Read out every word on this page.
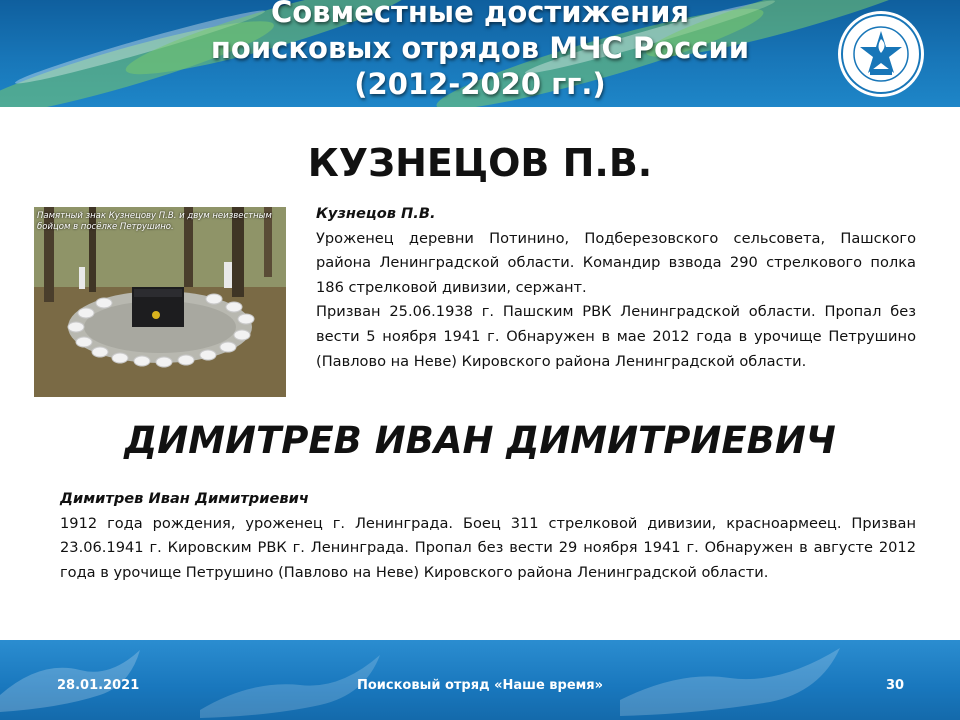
Совместные достижения
поисковых отрядов МЧС России
(2012-2020 гг.)
КУЗНЕЦОВ П.В.
Памятный знак Кузнецову П.В. и двум неизвестным бойцом в посёлке Петрушино.

Кузнецов П.В.

Уроженец деревни Потинино, Подберезовского сельсовета, Пашского района Ленинградской области. Командир взвода 290 стрелкового полка 186 стрелковой дивизии, сержант.

Призван 25.06.1938 г. Пашским РВК Ленинградской области. Пропал без вести 5 ноября 1941 г. Обнаружен в мае 2012 года в урочище Петрушино (Павлово на Неве) Кировского района Ленинградской области.

ДИМИТРЕВ ИВАН ДИМИТРИЕВИЧ

Димитрев Иван Димитриевич

1912 года рождения, уроженец г. Ленинграда. Боец 311 стрелковой дивизии, красноармеец. Призван 23.06.1941 г. Кировским РВК г. Ленинграда. Пропал без вести 29 ноября 1941 г. Обнаружен в августе 2012 года в урочище Петрушино (Павлово на Неве) Кировского района Ленинградской области.

28.01.2021	Поисковый отряд «Наше время»	30
